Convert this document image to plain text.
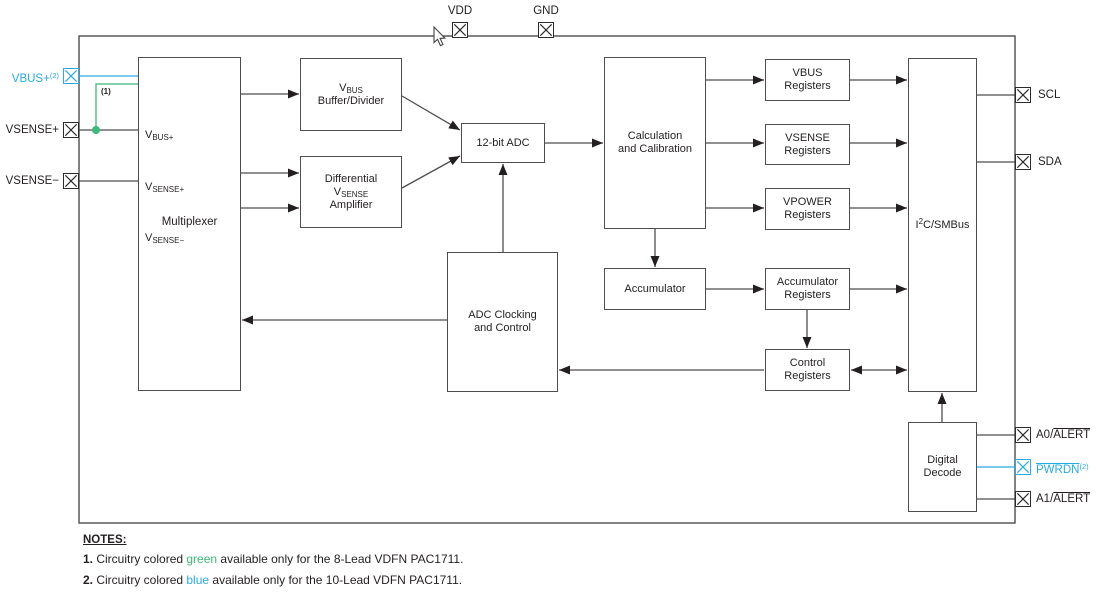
$V_{BUS+}$
$V_{SENSE+}$
$V_{SENSE-}$
Multiplexer
$V_{BUS}$
Buffer/Divider
Differential
$V_{SENSE}$
Amplifier
12-bit ADC
Calculation
and Calibration
ADC Clocking
and Control
Accumulator
VBUS
Registers
VSENSE
Registers
VPOWER
Registers
Accumulator
Registers
Control
Registers
$I^2C$/SMBus
Digital
Decode
VDD	GND
VBUS+$^{(2)}$
VSENSE+
VSENSE−
SCL
SDA
A0/ALERT
PWRDN$^{(2)}$
A1/ALERT
(1)
NOTES:
1. Circuitry colored green available only for the 8-Lead VDFN PAC1711.
2. Circuitry colored blue available only for the 10-Lead VDFN PAC1711.
